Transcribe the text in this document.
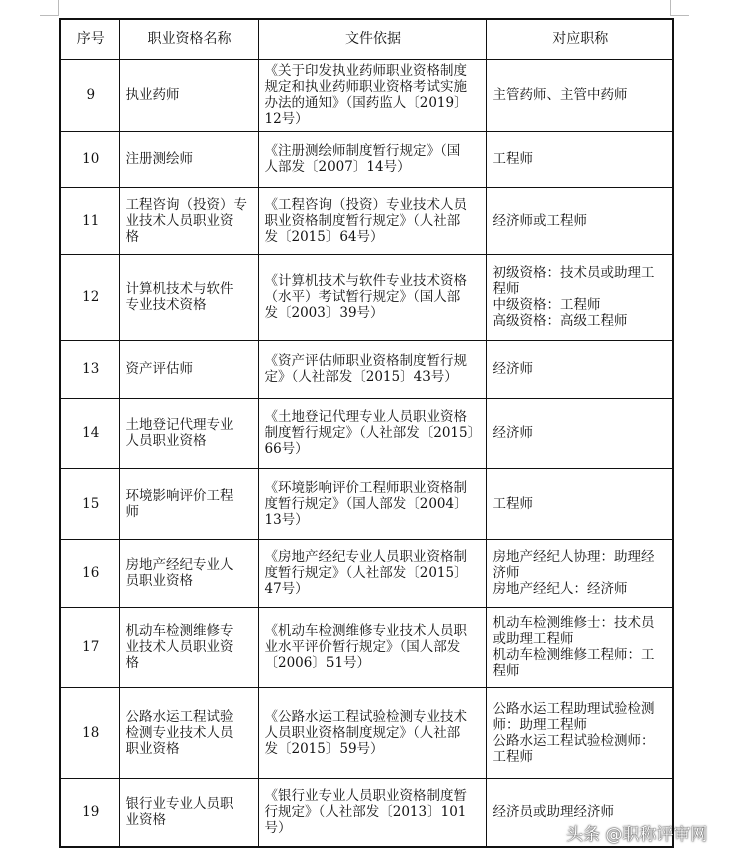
序号	职业资格名称	文件依据	对应职称
9	执业药师	《关于印发执业药师职业资格制度
规定和执业药师职业资格考试实施
办法的通知》（国药监人〔2019〕
12号）	主管药师、主管中药师
10	注册测绘师	《注册测绘师制度暂行规定》（国
人部发〔2007〕14号）	工程师
11	工程咨询（投资）专
业技术人员职业资
格	《工程咨询（投资）专业技术人员
职业资格制度暂行规定》（人社部
发〔2015〕64号）	经济师或工程师
12	计算机技术与软件
专业技术资格	《计算机技术与软件专业技术资格
（水平）考试暂行规定》（国人部
发〔2003〕39号）	初级资格：技术员或助理工
程师
中级资格：工程师
高级资格：高级工程师
13	资产评估师	《资产评估师职业资格制度暂行规
定》（人社部发〔2015〕43号）	经济师
14	土地登记代理专业
人员职业资格	《土地登记代理专业人员职业资格
制度暂行规定》（人社部发〔2015〕
66号）	经济师
15	环境影响评价工程
师	《环境影响评价工程师职业资格制
度暂行规定》（国人部发〔2004〕
13号）	工程师
16	房地产经纪专业人
员职业资格	《房地产经纪专业人员职业资格制
度暂行规定》（人社部发〔2015〕
47号）	房地产经纪人协理：助理经
济师
房地产经纪人：经济师
17	机动车检测维修专
业技术人员职业资
格	《机动车检测维修专业技术人员职
业水平评价暂行规定》（国人部发
〔2006〕51号）	机动车检测维修士：技术员
或助理工程师
机动车检测维修工程师：工
程师
18	公路水运工程试验
检测专业技术人员
职业资格	《公路水运工程试验检测专业技术
人员职业资格制度规定》（人社部
发〔2015〕59号）	公路水运工程助理试验检测
师：助理工程师
公路水运工程试验检测师：
工程师
19	银行业专业人员职
业资格	《银行业专业人员职业资格制度暂
行规定》（人社部发〔2013〕101
号）	经济员或助理经济师
头条 @职称评审网
